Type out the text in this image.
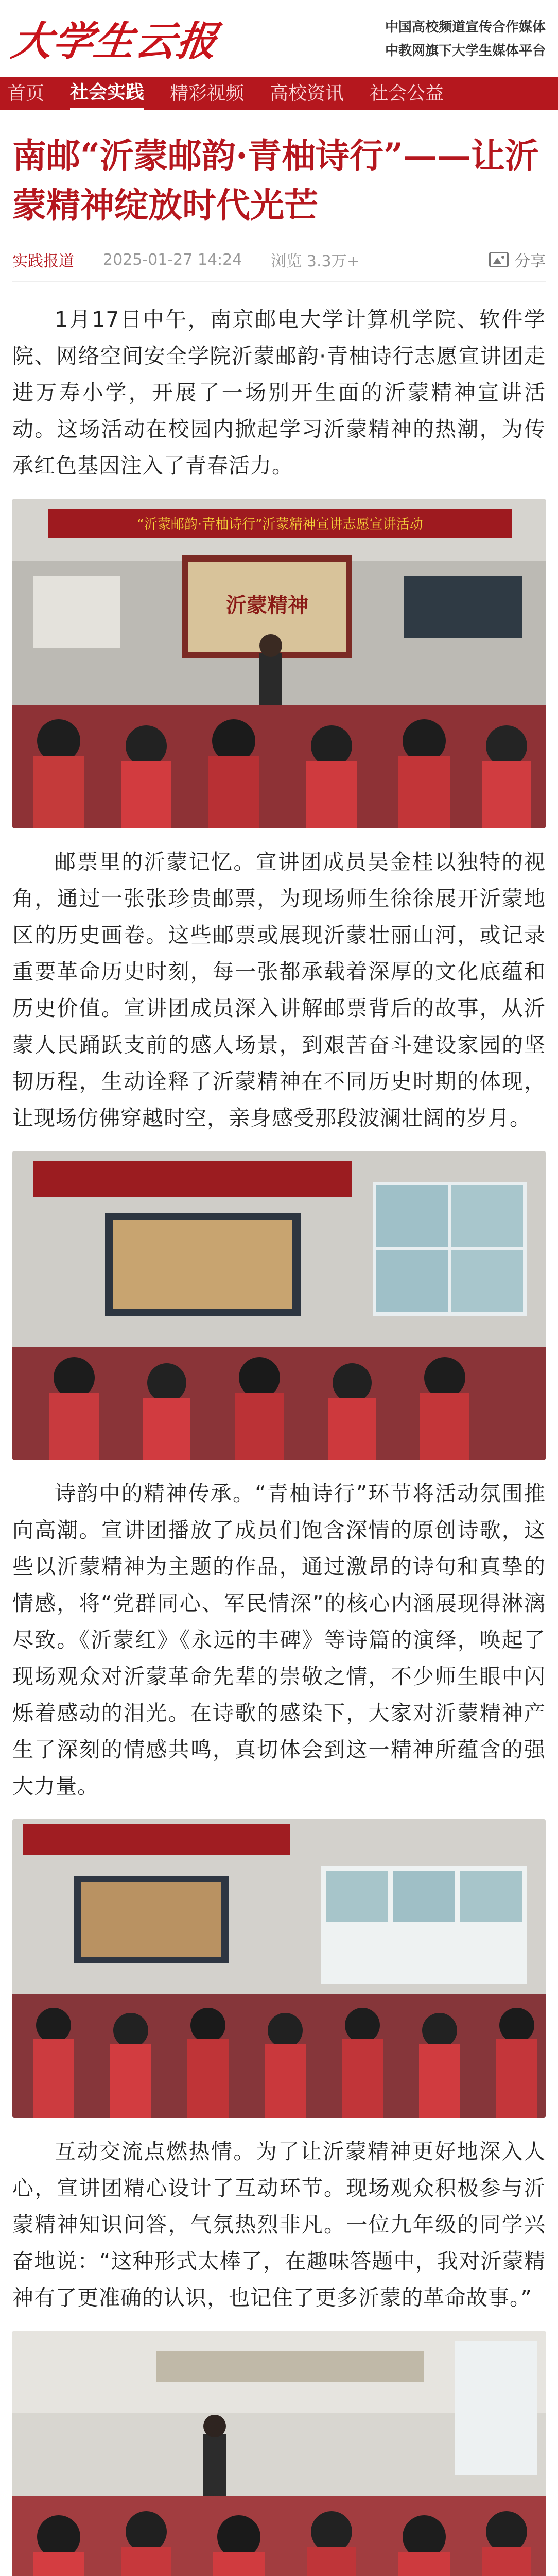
大学生云报	中国高校频道宣传合作媒体
中教网旗下大学生媒体平台
首页 社会实践 精彩视频 高校资讯 社会公益
南邮“沂蒙邮韵·青柚诗行”——让沂蒙精神绽放时代光芒
实践报道 2025-01-27 14:24 浏览 3.3万+	分享

1月17日中午，南京邮电大学计算机学院、软件学院、网络空间安全学院沂蒙邮韵·青柚诗行志愿宣讲团走进万寿小学，开展了一场别开生面的沂蒙精神宣讲活动。这场活动在校园内掀起学习沂蒙精神的热潮，为传承红色基因注入了青春活力。

“沂蒙邮韵·青柚诗行”沂蒙精神宣讲志愿宣讲活动
沂蒙精神

邮票里的沂蒙记忆。宣讲团成员吴金桂以独特的视角，通过一张张珍贵邮票，为现场师生徐徐展开沂蒙地区的历史画卷。这些邮票或展现沂蒙壮丽山河，或记录重要革命历史时刻，每一张都承载着深厚的文化底蕴和历史价值。宣讲团成员深入讲解邮票背后的故事，从沂蒙人民踊跃支前的感人场景，到艰苦奋斗建设家园的坚韧历程，生动诠释了沂蒙精神在不同历史时期的体现，让现场仿佛穿越时空，亲身感受那段波澜壮阔的岁月。

诗韵中的精神传承。“青柚诗行”环节将活动氛围推向高潮。宣讲团播放了成员们饱含深情的原创诗歌，这些以沂蒙精神为主题的作品，通过激昂的诗句和真挚的情感，将“党群同心、军民情深”的核心内涵展现得淋漓尽致。《沂蒙红》《永远的丰碑》等诗篇的演绎，唤起了现场观众对沂蒙革命先辈的崇敬之情，不少师生眼中闪烁着感动的泪光。在诗歌的感染下，大家对沂蒙精神产生了深刻的情感共鸣，真切体会到这一精神所蕴含的强大力量。

互动交流点燃热情。为了让沂蒙精神更好地深入人心，宣讲团精心设计了互动环节。现场观众积极参与沂蒙精神知识问答，气氛热烈非凡。一位九年级的同学兴奋地说：“这种形式太棒了，在趣味答题中，我对沂蒙精神有了更准确的认识，也记住了更多沂蒙的革命故事。”
